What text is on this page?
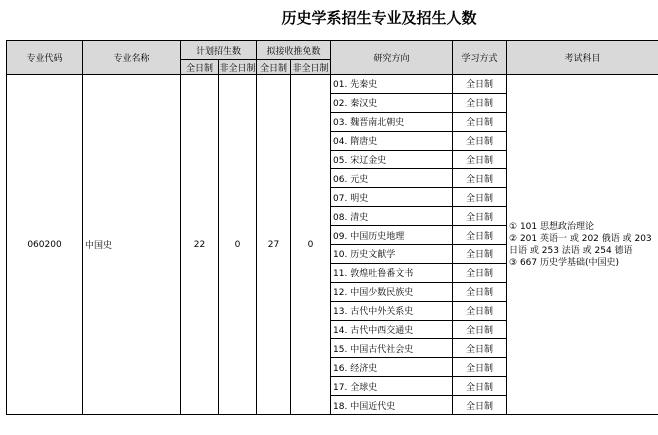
历史学系招生专业及招生人数
专业代码	专业名称	计划招生数		拟接收推免数		研究方向	学习方式	考试科目
		全日制	非全日制	全日制	非全日制			
060200	中国史	22	0	27	0	01. 先秦史	全日制	① 101 思想政治理论
② 201 英语一 或 202 俄语 或 203 日语 或 253 法语 或 254 德语
③ 667 历史学基础(中国史)

						02. 秦汉史	全日制	
						03. 魏晋南北朝史	全日制	
						04. 隋唐史	全日制	
						05. 宋辽金史	全日制	
						06. 元史	全日制	
						07. 明史	全日制	
						08. 清史	全日制	
						09. 中国历史地理	全日制	
						10. 历史文献学	全日制	
						11. 敦煌吐鲁番文书	全日制	
						12. 中国少数民族史	全日制	
						13. 古代中外关系史	全日制	
						14. 古代中西交通史	全日制	
						15. 中国古代社会史	全日制	
						16. 经济史	全日制	
						17. 全球史	全日制	
						18. 中国近代史	全日制	
